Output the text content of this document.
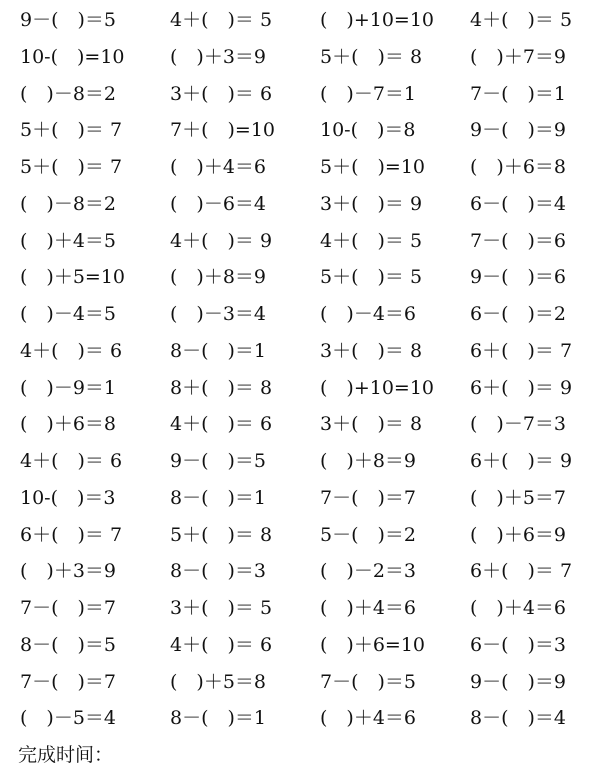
9－(　)＝5	4＋(　)＝ 5	(　)+10=10	4＋(　)＝ 5
10-(　)=10	(　)＋3＝9	5＋(　)＝ 8	(　)＋7＝9
(　)－8＝2	3＋(　)＝ 6	(　)－7＝1	7－(　)＝1
5＋(　)＝ 7	7＋(　)=10	10-(　)＝8	9－(　)＝9
5＋(　)＝ 7	(　)＋4＝6	5＋(　)=10	(　)＋6＝8
(　)－8＝2	(　)－6＝4	3＋(　)＝ 9	6－(　)＝4
(　)＋4＝5	4＋(　)＝ 9	4＋(　)＝ 5	7－(　)＝6
(　)＋5=10	(　)＋8＝9	5＋(　)＝ 5	9－(　)＝6
(　)－4＝5	(　)－3＝4	(　)－4＝6	6－(　)＝2
4＋(　)＝ 6	8－(　)＝1	3＋(　)＝ 8	6＋(　)＝ 7
(　)－9＝1	8＋(　)＝ 8	(　)+10=10	6＋(　)＝ 9
(　)＋6＝8	4＋(　)＝ 6	3＋(　)＝ 8	(　)－7＝3
4＋(　)＝ 6	9－(　)＝5	(　)＋8＝9	6＋(　)＝ 9
10-(　)＝3	8－(　)＝1	7－(　)＝7	(　)＋5＝7
6＋(　)＝ 7	5＋(　)＝ 8	5－(　)＝2	(　)＋6＝9
(　)＋3＝9	8－(　)＝3	(　)－2＝3	6＋(　)＝ 7
7－(　)＝7	3＋(　)＝ 5	(　)＋4＝6	(　)＋4＝6
8－(　)＝5	4＋(　)＝ 6	(　)＋6=10	6－(　)＝3
7－(　)＝7	(　)＋5＝8	7－(　)＝5	9－(　)＝9
(　)－5＝4	8－(　)＝1	(　)＋4＝6	8－(　)＝4
完成时间：
